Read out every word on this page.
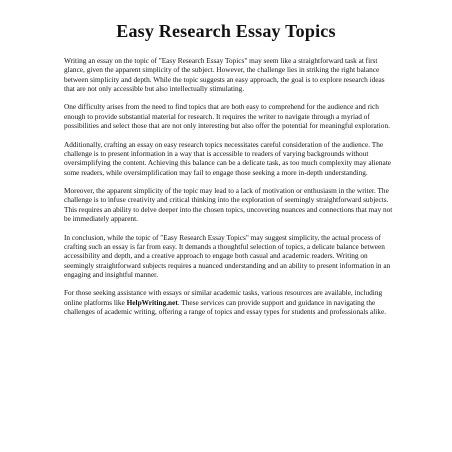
Easy Research Essay Topics

Writing an essay on the topic of "Easy Research Essay Topics" may seem like a straightforward task at first glance, given the apparent simplicity of the subject. However, the challenge lies in striking the right balance between simplicity and depth. While the topic suggests an easy approach, the goal is to explore research ideas that are not only accessible but also intellectually stimulating.

One difficulty arises from the need to find topics that are both easy to comprehend for the audience and rich enough to provide substantial material for research. It requires the writer to navigate through a myriad of possibilities and select those that are not only interesting but also offer the potential for meaningful exploration.

Additionally, crafting an essay on easy research topics necessitates careful consideration of the audience. The challenge is to present information in a way that is accessible to readers of varying backgrounds without oversimplifying the content. Achieving this balance can be a delicate task, as too much complexity may alienate some readers, while oversimplification may fail to engage those seeking a more in-depth understanding.

Moreover, the apparent simplicity of the topic may lead to a lack of motivation or enthusiasm in the writer. The challenge is to infuse creativity and critical thinking into the exploration of seemingly straightforward subjects. This requires an ability to delve deeper into the chosen topics, uncovering nuances and connections that may not be immediately apparent.

In conclusion, while the topic of "Easy Research Essay Topics" may suggest simplicity, the actual process of crafting such an essay is far from easy. It demands a thoughtful selection of topics, a delicate balance between accessibility and depth, and a creative approach to engage both casual and academic readers. Writing on seemingly straightforward subjects requires a nuanced understanding and an ability to present information in an engaging and insightful manner.

For those seeking assistance with essays or similar academic tasks, various resources are available, including online platforms like HelpWriting.net. These services can provide support and guidance in navigating the challenges of academic writing, offering a range of topics and essay types for students and professionals alike.
